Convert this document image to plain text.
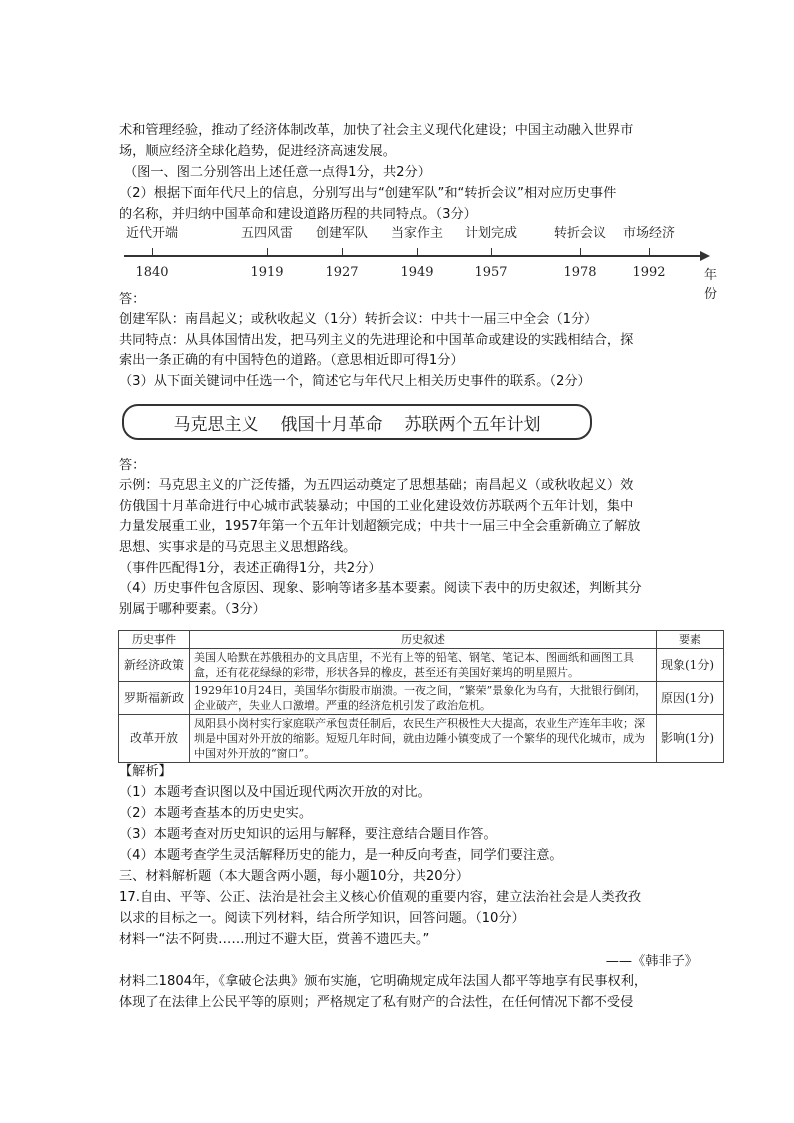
术和管理经验，推动了经济体制改革，加快了社会主义现代化建设；中国主动融入世界市
场，顺应经济全球化趋势，促进经济高速发展。
（图一、图二分别答出上述任意一点得1分，共2分）
（2）根据下面年代尺上的信息，分别写出与“创建军队”和“转折会议”相对应历史事件
的名称，并归纳中国革命和建设道路历程的共同特点。（3分）
近代开端
1840
五四风雷
1919
创建军队
1927
当家作主
1949
计划完成
1957
转折会议
1978
市场经济
1992	年份
答：
创建军队：南昌起义；或秋收起义（1分）转折会议：中共十一届三中全会（1分）
共同特点：从具体国情出发，把马列主义的先进理论和中国革命或建设的实践相结合，探
索出一条正确的有中国特色的道路。（意思相近即可得1分）
（3）从下面关键词中任选一个，简述它与年代尺上相关历史事件的联系。（2分）
马克思主义 俄国十月革命 苏联两个五年计划
答：
示例：马克思主义的广泛传播，为五四运动奠定了思想基础；南昌起义（或秋收起义）效
仿俄国十月革命进行中心城市武装暴动；中国的工业化建设效仿苏联两个五年计划，集中
力量发展重工业，1957年第一个五年计划超额完成；中共十一届三中全会重新确立了解放
思想、实事求是的马克思主义思想路线。
（事件匹配得1分，表述正确得1分，共2分）
（4）历史事件包含原因、现象、影响等诸多基本要素。阅读下表中的历史叙述，判断其分
别属于哪种要素。（3分）
历史事件	历史叙述	要素
新经济政策	美国人哈默在苏俄租办的文具店里，不光有上等的铅笔、钢笔、笔记本、图画纸和画图工具盒，还有花花绿绿的彩带，形状各异的橡皮，甚至还有美国好莱坞的明星照片。	现象(1分)
罗斯福新政	1929年10月24日，美国华尔街股市崩溃。一夜之间，“繁荣”景象化为乌有，大批银行倒闭，企业破产，失业人口激增。严重的经济危机引发了政治危机。	原因(1分)
改革开放	凤阳县小岗村实行家庭联产承包责任制后，农民生产积极性大大提高，农业生产连年丰收；深圳是中国对外开放的缩影。短短几年时间，就由边陲小镇变成了一个繁华的现代化城市，成为中国对外开放的“窗口”。	影响(1分)
【解析】
（1）本题考查识图以及中国近现代两次开放的对比。
（2）本题考查基本的历史史实。
（3）本题考查对历史知识的运用与解释，要注意结合题目作答。
（4）本题考查学生灵活解释历史的能力，是一种反向考查，同学们要注意。
三、材料解析题（本大题含两小题，每小题10分，共20分）
17.自由、平等、公正、法治是社会主义核心价值观的重要内容，建立法治社会是人类孜孜
以求的目标之一。阅读下列材料，结合所学知识，回答问题。（10分）
材料一“法不阿贵……刑过不避大臣，赏善不遗匹夫。”
——《韩非子》
材料二1804年，《拿破仑法典》颁布实施，它明确规定成年法国人都平等地享有民事权利，
体现了在法律上公民平等的原则；严格规定了私有财产的合法性，在任何情况下都不受侵
